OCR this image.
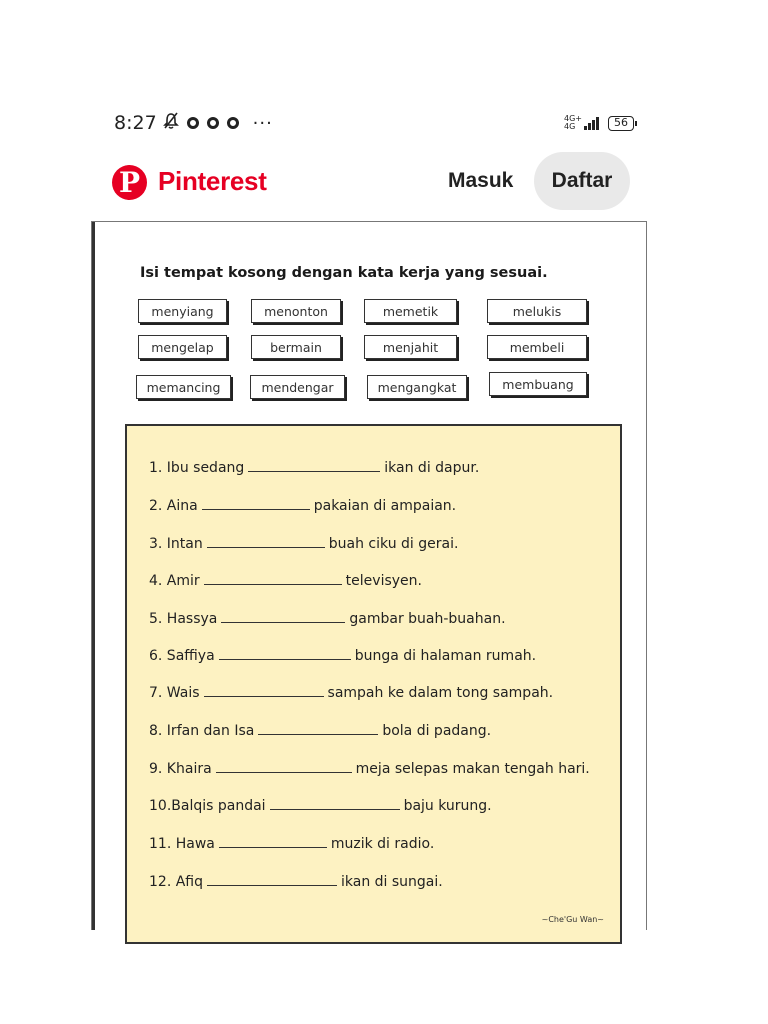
8:27	···	4G+
4G	56
P Pinterest	Masuk	Daftar
Isi tempat kosong dengan kata kerja yang sesuai.
menyiang	menonton	memetik	melukis
mengelap	bermain	menjahit	membeli
memancing	mendengar	mengangkat	membuang
1. Ibu sedang	ikan di dapur.
2. Aina	pakaian di ampaian.
3. Intan	buah ciku di gerai.
4. Amir	televisyen.
5. Hassya	gambar buah-buahan.
6. Saffiya	bunga di halaman rumah.
7. Wais	sampah ke dalam tong sampah.
8. Irfan dan Isa	bola di padang.
9. Khaira	meja selepas makan tengah hari.
10.Balqis pandai	baju kurung.
11. Hawa	muzik di radio.
12. Afiq	ikan di sungai.
~Che'Gu Wan~
